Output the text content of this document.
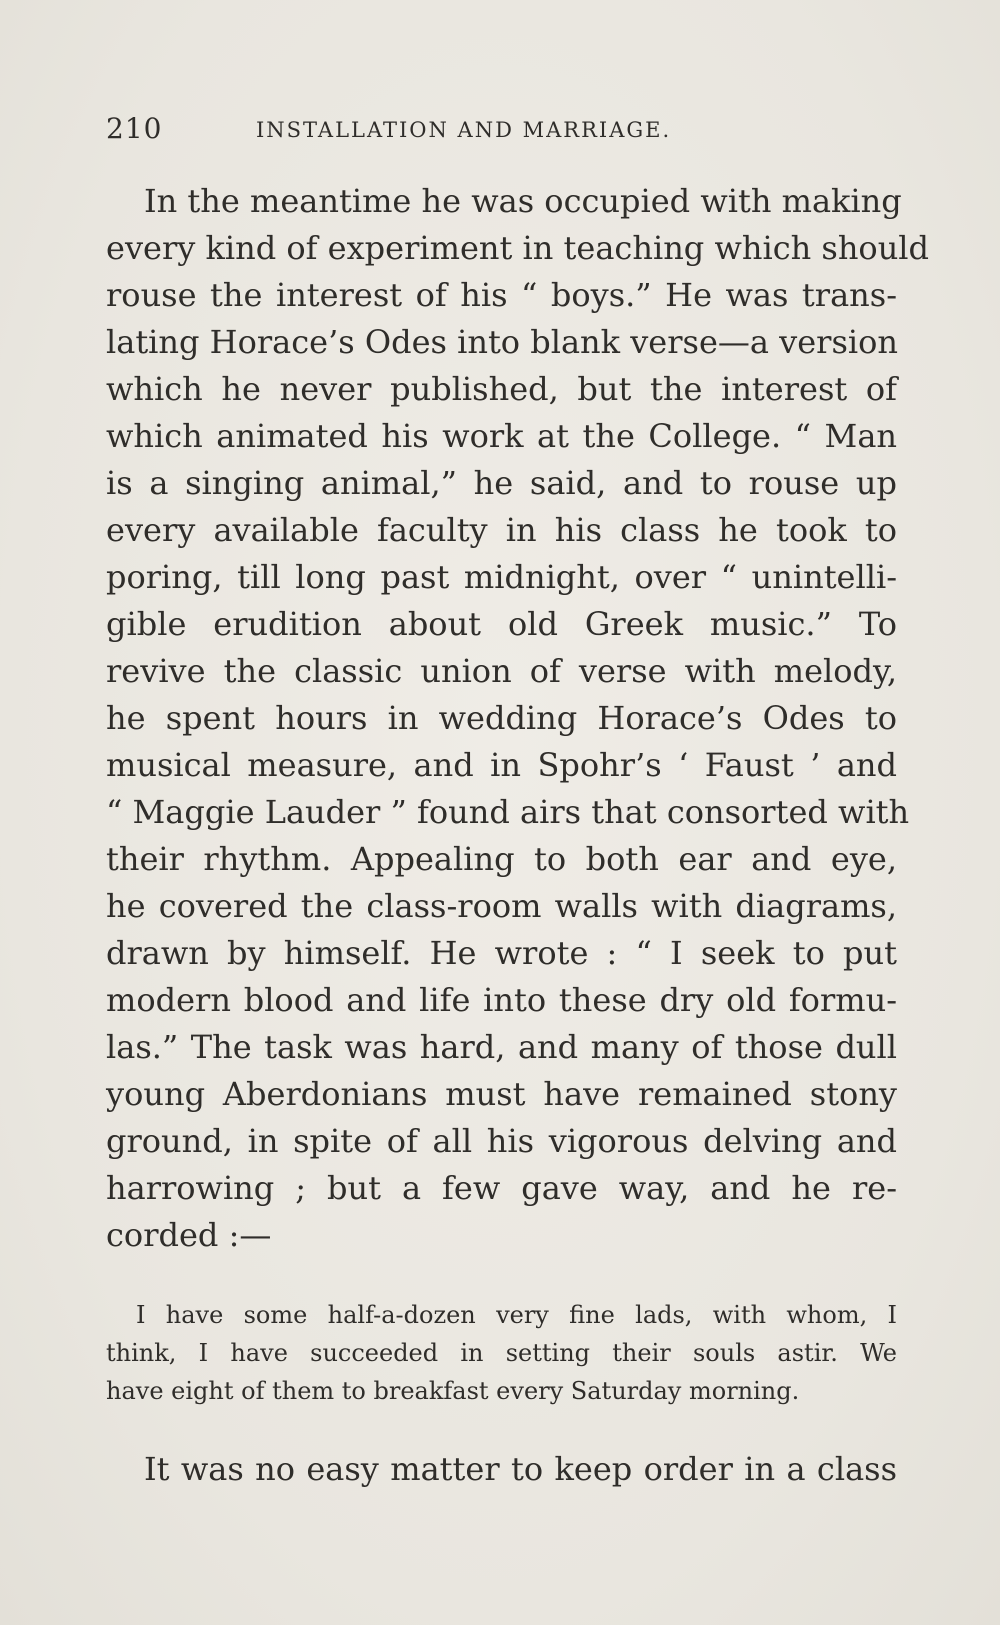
210	INSTALLATION AND MARRIAGE.
In the meantime he was occupied with making
every kind of experiment in teaching which should
rouse the interest of his “ boys.” He was trans-
lating Horace’s Odes into blank verse—a version
which he never published, but the interest of
which animated his work at the College. “ Man
is a singing animal,” he said, and to rouse up
every available faculty in his class he took to
poring, till long past midnight, over “ unintelli-
gible erudition about old Greek music.” To
revive the classic union of verse with melody,
he spent hours in wedding Horace’s Odes to
musical measure, and in Spohr’s ‘ Faust ’ and
“ Maggie Lauder ” found airs that consorted with
their rhythm. Appealing to both ear and eye,
he covered the class-room walls with diagrams,
drawn by himself. He wrote : “ I seek to put
modern blood and life into these dry old formu-
las.” The task was hard, and many of those dull
young Aberdonians must have remained stony
ground, in spite of all his vigorous delving and
harrowing ; but a few gave way, and he re-
corded :—
I have some half-a-dozen very fine lads, with whom, I
think, I have succeeded in setting their souls astir. We
have eight of them to breakfast every Saturday morning.
It was no easy matter to keep order in a class
